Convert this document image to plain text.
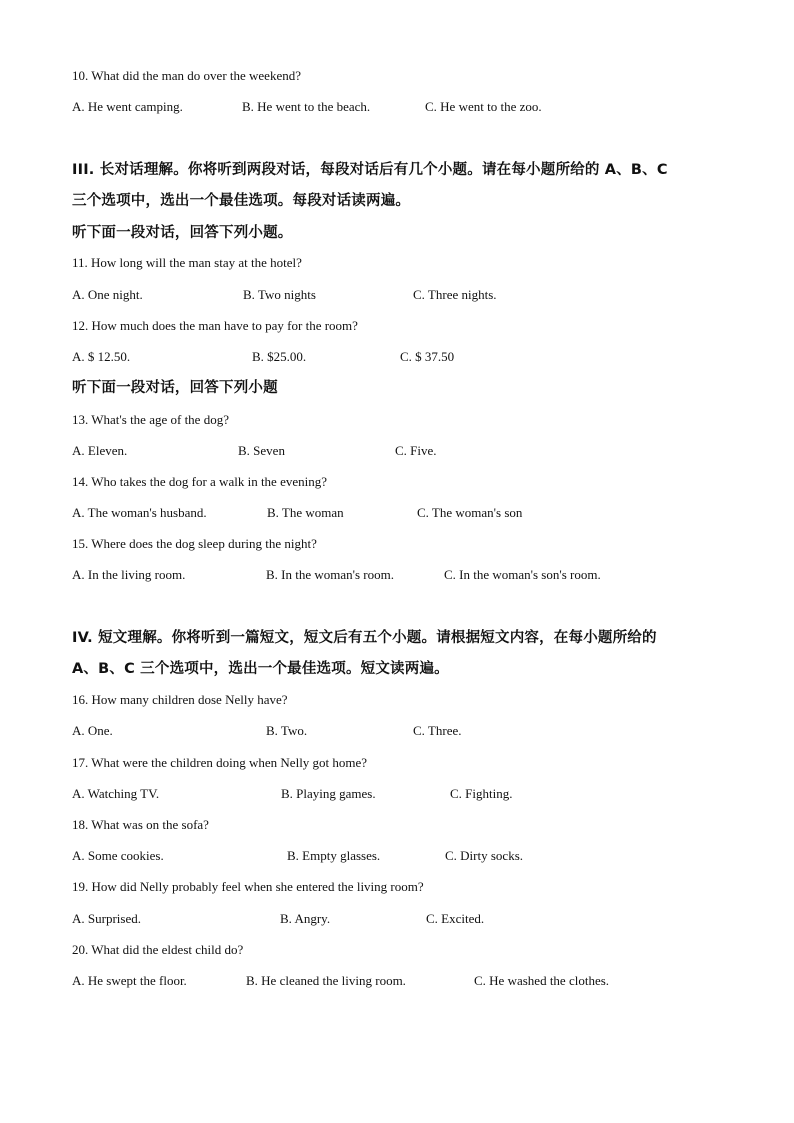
10. What did the man do over the weekend?
A. He went camping.	B. He went to the beach.	C. He went to the zoo.
III. 长对话理解。你将听到两段对话，每段对话后有几个小题。请在每小题所给的 A、B、C
三个选项中，选出一个最佳选项。每段对话读两遍。
听下面一段对话，回答下列小题。
11. How long will the man stay at the hotel?
A. One night.	B. Two nights	C. Three nights.
12. How much does the man have to pay for the room?
A. $ 12.50.	B. $25.00.	C. $ 37.50
听下面一段对话，回答下列小题
13. What's the age of the dog?
A. Eleven.	B. Seven	C. Five.
14. Who takes the dog for a walk in the evening?
A. The woman's husband.	B. The woman	C. The woman's son
15. Where does the dog sleep during the night?
A. In the living room.	B. In the woman's room.	C. In the woman's son's room.
IV. 短文理解。你将听到一篇短文，短文后有五个小题。请根据短文内容，在每小题所给的
A、B、C 三个选项中，选出一个最佳选项。短文读两遍。
16. How many children dose Nelly have?
A. One.	B. Two.	C. Three.
17. What were the children doing when Nelly got home?
A. Watching TV.	B. Playing games.	C. Fighting.
18. What was on the sofa?
A. Some cookies.	B. Empty glasses.	C. Dirty socks.
19. How did Nelly probably feel when she entered the living room?
A. Surprised.	B. Angry.	C. Excited.
20. What did the eldest child do?
A. He swept the floor.	B. He cleaned the living room.	C. He washed the clothes.
